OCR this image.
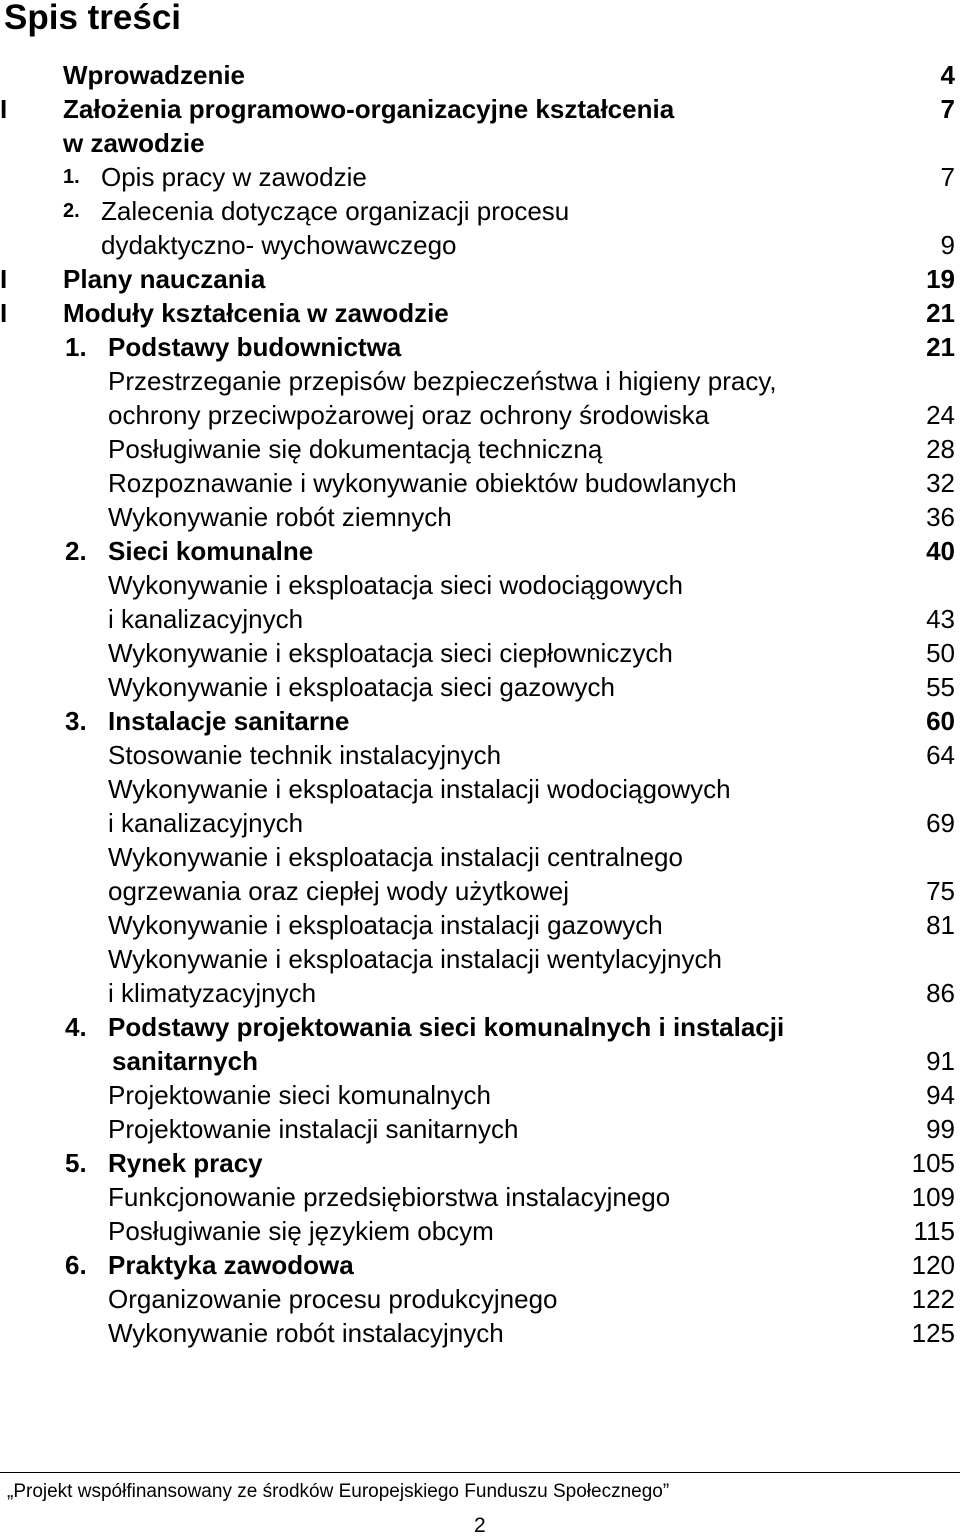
Spis treści
Wprowadzenie	4
I Założenia programowo-organizacyjne kształcenia	7
w zawodzie
1. Opis pracy w zawodzie	7
2. Zalecenia dotyczące organizacji procesu
dydaktyczno- wychowawczego	9
I Plany nauczania	19
I Moduły kształcenia w zawodzie	21
1. Podstawy budownictwa	21
Przestrzeganie przepisów bezpieczeństwa i higieny pracy,
ochrony przeciwpożarowej oraz ochrony środowiska	24
Posługiwanie się dokumentacją techniczną	28
Rozpoznawanie i wykonywanie obiektów budowlanych	32
Wykonywanie robót ziemnych	36
2. Sieci komunalne	40
Wykonywanie i eksploatacja sieci wodociągowych
i kanalizacyjnych	43
Wykonywanie i eksploatacja sieci ciepłowniczych	50
Wykonywanie i eksploatacja sieci gazowych	55
3. Instalacje sanitarne	60
Stosowanie technik instalacyjnych	64
Wykonywanie i eksploatacja instalacji wodociągowych
i kanalizacyjnych	69
Wykonywanie i eksploatacja instalacji centralnego
ogrzewania oraz ciepłej wody użytkowej	75
Wykonywanie i eksploatacja instalacji gazowych	81
Wykonywanie i eksploatacja instalacji wentylacyjnych
i klimatyzacyjnych	86
4. Podstawy projektowania sieci komunalnych i instalacji
sanitarnych	91
Projektowanie sieci komunalnych	94
Projektowanie instalacji sanitarnych	99
5. Rynek pracy	105
Funkcjonowanie przedsiębiorstwa instalacyjnego	109
Posługiwanie się językiem obcym	115
6. Praktyka zawodowa	120
Organizowanie procesu produkcyjnego	122
Wykonywanie robót instalacyjnych	125
„Projekt współfinansowany ze środków Europejskiego Funduszu Społecznego”
2
